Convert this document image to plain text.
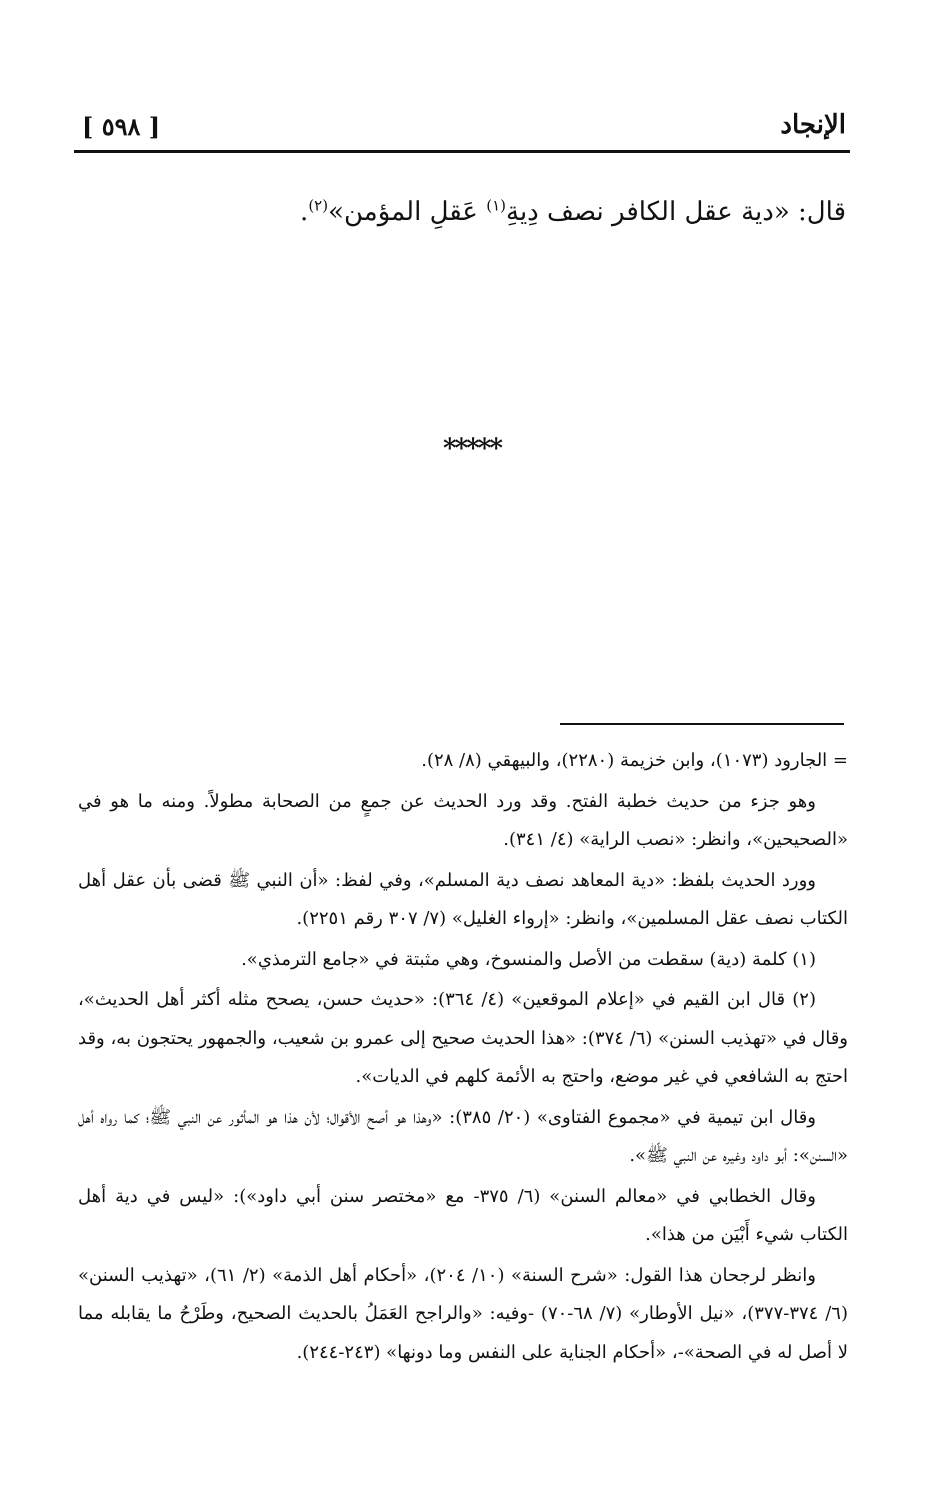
[ ٥٩٨ ]	الإنجاد
قال: «دية عقل الكافر نصف دِيةِ$^{(١)}$ عَقلِ المؤمن»$^{(٢)}$.
*****

= الجارود (١٠٧٣)، وابن خزيمة (٢٢٨٠)، والبيهقي (٨/ ٢٨).

وهو جزء من حديث خطبة الفتح. وقد ورد الحديث عن جمعٍ من الصحابة مطولاً. ومنه ما هو في «الصحيحين»، وانظر: «نصب الراية» (٤/ ٣٤١).

وورد الحديث بلفظ: «دية المعاهد نصف دية المسلم»، وفي لفظ: «أن النبي ﷺ قضى بأن عقل أهل الكتاب نصف عقل المسلمين»، وانظر: «إرواء الغليل» (٧/ ٣٠٧ رقم ٢٢٥١).

(١) كلمة (دية) سقطت من الأصل والمنسوخ، وهي مثبتة في «جامع الترمذي».

(٢) قال ابن القيم في «إعلام الموقعين» (٤/ ٣٦٤): «حديث حسن، يصحح مثله أكثر أهل الحديث»، وقال في «تهذيب السنن» (٦/ ٣٧٤): «هذا الحديث صحيح إلى عمرو بن شعيب، والجمهور يحتجون به، وقد احتج به الشافعي في غير موضع، واحتج به الأئمة كلهم في الديات».

وقال ابن تيمية في «مجموع الفتاوى» (٢٠/ ٣٨٥): «وهذا هو أصح الأقوال؛ لأن هذا هو المأثور عن النبي ﷺ؛ كما رواه أهل «السنن»: أبو داود وغيره عن النبي ﷺ».

وقال الخطابي في «معالم السنن» (٦/ ٣٧٥- مع «مختصر سنن أبي داود»): «ليس في دية أهل الكتاب شيء أَبْيَن من هذا».

وانظر لرجحان هذا القول: «شرح السنة» (١٠/ ٢٠٤)، «أحكام أهل الذمة» (٢/ ٦١)، «تهذيب السنن» (٦/ ٣٧٤-٣٧٧)، «نيل الأوطار» (٧/ ٦٨-٧٠) -وفيه: «والراجح العَمَلُ بالحديث الصحيح، وطَرْحُ ما يقابله مما لا أصل له في الصحة»-، «أحكام الجناية على النفس وما دونها» (٢٤٣-٢٤٤).
